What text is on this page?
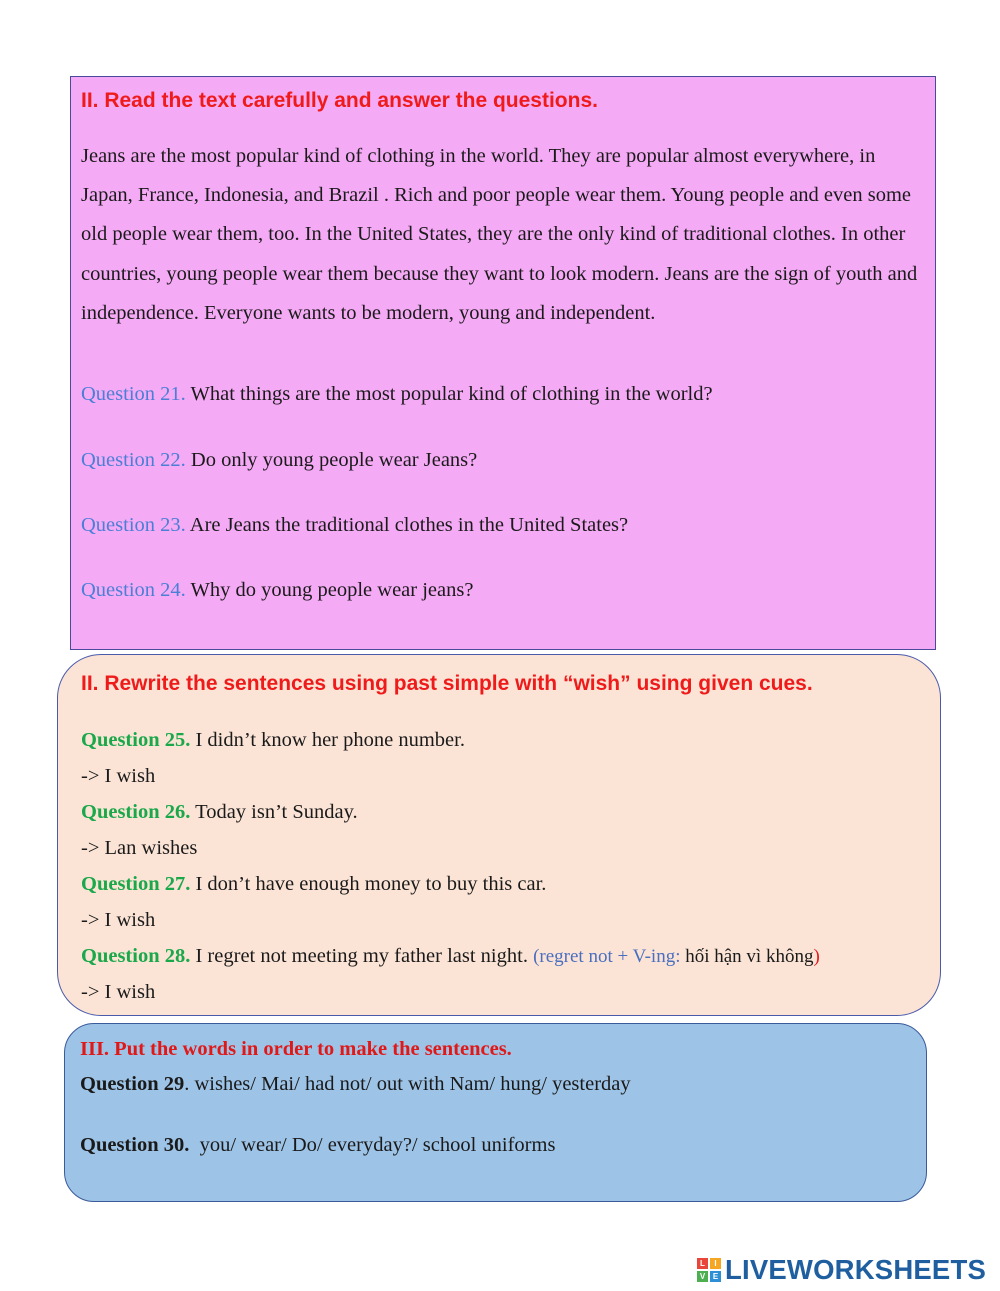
II. Read the text carefully and answer the questions.

Jeans are the most popular kind of clothing in the world. They are popular almost everywhere, in Japan, France, Indonesia, and Brazil . Rich and poor people wear them. Young people and even some old people wear them, too. In the United States, they are the only kind of traditional clothes. In other countries, young people wear them because they want to look modern. Jeans are the sign of youth and independence. Everyone wants to be modern, young and independent.

Question 21. What things are the most popular kind of clothing in the world?

Question 22. Do only young people wear Jeans?

Question 23. Are Jeans the traditional clothes in the United States?

Question 24. Why do young people wear jeans?

II. Rewrite the sentences using past simple with “wish” using given cues.

Question 25. I didn’t know her phone number.

-> I wish

Question 26. Today isn’t Sunday.

-> Lan wishes

Question 27. I don’t have enough money to buy this car.

-> I wish

Question 28. I regret not meeting my father last night. (regret not + V-ing: hối hận vì không)

-> I wish

III. Put the words in order to make the sentences.

Question 29. wishes/ Mai/ had not/ out with Nam/ hung/ yesterday

Question 30.  you/ wear/ Do/ everyday?/ school uniforms

L	I
V E LIVEWORKSHEETS
